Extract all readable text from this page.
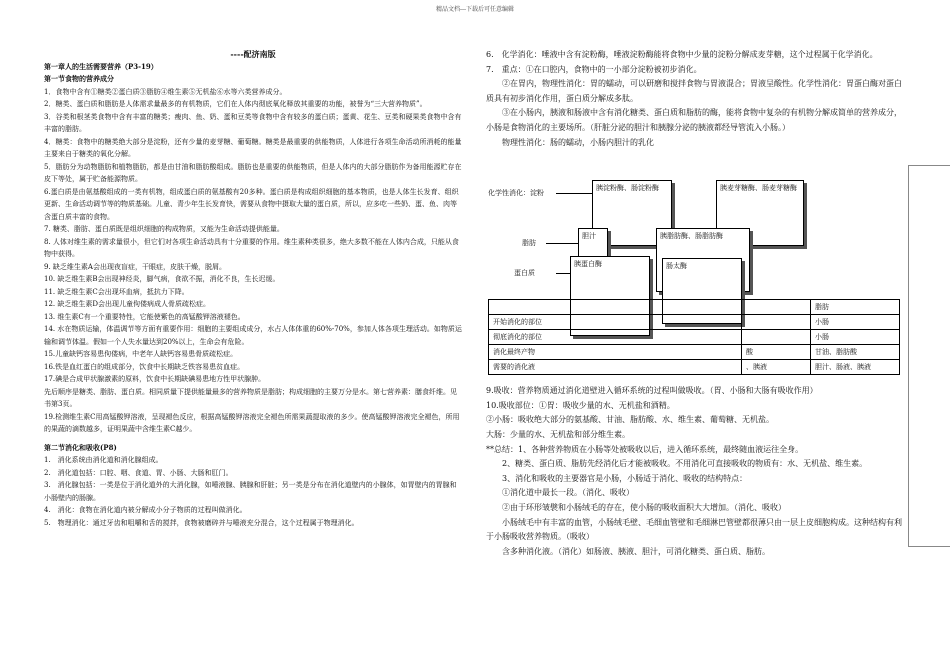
精品文档---下载后可任意编辑

----配济南版

第一章人的生活需要营养（P3-19）

第一节食物的营养成分

1．食物中含有①糖类②蛋白质③脂肪④维生素⑤无机盐⑥水等六类营养成分。

2．糖类、蛋白质和脂肪是人体需求量最多的有机物质，它们在人体内彻底氧化释放其重要的功能，被誉为“三大营养物质”。

3．谷类和根茎类食物中含有丰富的糖类；瘦肉、鱼、奶、蛋和豆类等食物中含有较多的蛋白质；蛋黄、花生、豆类和硬果类食物中含有丰富的脂肪。

4．糖类：食物中的糖类绝大部分是淀粉，还有少量的麦芽糖、葡萄糖。糖类是最重要的供能物质，人体进行各项生命活动所消耗的能量主要来自于糖类的氧化分解。

5．脂肪分为动物脂肪和植物脂肪，都是由甘油和脂肪酸组成。脂肪也是重要的供能物质，但是人体内的大部分脂肪作为备用能源贮存在皮下等处，属于贮备能源物质。

6.蛋白质是由氨基酸组成的一类有机物，组成蛋白质的氨基酸有20多种。蛋白质是构成组织细胞的基本物质，也是人体生长发育、组织更新、生命活动调节等的物质基础。儿童、青少年生长发育快，需要从食物中摄取大量的蛋白质，所以，应多吃一些奶、蛋、鱼、肉等含蛋白质丰富的食物。

7. 糖类、脂肪、蛋白质既是组织细胞的构成物质，又能为生命活动提供能量。

8. 人体对维生素的需求量很小，但它们对各项生命活动具有十分重要的作用。维生素种类很多，绝大多数不能在人体内合成，只能从食物中获得。

9. 缺乏维生素A会出现夜盲症，干眼症，皮肤干燥，脱屑。

10. 缺乏维生素B会出现神经炎，脚气病，食欲不振，消化不良，生长迟缓。

11. 缺乏维生素C会出现坏血病，抵抗力下降。

12. 缺乏维生素D会出现儿童佝偻病成人骨质疏松症。

13. 维生素C有一个重要特性，它能使紫色的高锰酸钾溶液褪色。

14. 水在物质运输，体温调节等方面有重要作用：细胞的主要组成成分，水占人体体重的60%-70%，参加人体各项生理活动。如物质运输和调节体温。假如一个人失水量达到20%以上，生命会有危险。

15.儿童缺钙容易患佝偻病，中老年人缺钙容易患骨质疏松症。

16.铁是血红蛋白的组成部分，饮食中长期缺乏铁容易患贫血症。

17.碘是合成甲状腺激素的原料，饮食中长期缺碘易患地方性甲状腺肿。

先后顺序是糖类、脂肪、蛋白质。相同质量下提供能量最多的营养物质是脂肪；构成细胞的主要万分是水。第七营养素：膳食纤维。见书第3页。

19.检测维生素C用高锰酸钾溶液，呈现褪色反应，根据高锰酸钾溶液完全褪色所需果蔬提取液的多少。使高锰酸钾溶液完全褪色，所用的果蔬的滴数越多，证明果蔬中含维生素C越少。

第二节消化和吸收(P8)

1.　消化系统由消化道和消化腺组成。

2.　消化道包括：口腔、咽、食道、胃、小肠、大肠和肛门。

3.　消化腺包括：一类是位于消化道外的大消化腺，如唾液腺、胰腺和肝脏；另一类是分布在消化道壁内的小腺体，如胃壁内的胃腺和小肠壁内的肠腺。

4.　消化：食物在消化道内被分解成小分子物质的过程叫做消化。

5.　物理消化：通过牙齿和咀嚼和舌的搅拌，食物被磨碎并与唾液充分混合，这个过程属于物理消化。

6.　化学消化：唾液中含有淀粉酶，唾液淀粉酶能将食物中少量的淀粉分解成麦芽糖，这个过程属于化学消化。

7.　重点：①在口腔内，食物中的一小部分淀粉被初步消化。

　　②在胃内，物理性消化：胃的蠕动，可以研磨和搅拌食物与胃液混合；胃液呈酸性。化学性消化：胃蛋白酶对蛋白质具有初步消化作用，蛋白质分解成多肽。

　　③在小肠内，胰液和肠液中含有消化糖类、蛋白质和脂肪的酶，能将食物中复杂的有机物分解成简单的营养成分，小肠是食物消化的主要场所。（肝脏分泌的胆汁和胰腺分泌的胰液都经导管流入小肠。）

　　物理性消化：肠的蠕动，小肠内胆汁的乳化

化学性消化：淀粉
脂肪
蛋白质
胰淀粉酶、肠淀粉酶	胰麦芽糖酶、肠麦芽糖酶
胆汁	胰脂肪酶、肠脂肪酶
胰蛋白酶	肠太酶
		脂肪
开始消化的部位		小肠
彻底消化的部位		小肠
消化最终产物	酸	甘油、脂肪酸
需要的消化液	、胰液	胆汁、肠液、胰液

9.吸收：营养物质通过消化道壁进入循环系统的过程叫做吸收。（胃、小肠和大肠有吸收作用）

10.吸收部位：①胃：吸收少量的水、无机盐和酒精。

②小肠：吸收绝大部分的氨基酸、甘油、脂肪酸、水、维生素、葡萄糖、无机盐。

大肠：少量的水、无机盐和部分维生素。

**总结：1、各种营养物质在小肠等处被吸收以后，进入循环系统，最终随血液运往全身。

　　2、糖类、蛋白质、脂肪先经消化后才能被吸收。不用消化可直接吸收的物质有：水、无机盐、维生素。

　　3、消化和吸收的主要器官是小肠，小肠适于消化、吸收的结构特点：

　　①消化道中最长一段。（消化、吸收）

　　②由于环形皱襞和小肠绒毛的存在，使小肠的吸收面积大大增加。（消化、吸收）

　　小肠绒毛中有丰富的血管，小肠绒毛壁、毛细血管壁和毛细淋巴管壁都很薄只由一层上皮细胞构成。这种结构有利于小肠吸收营养物质。（吸收）

　　含多种消化液。（消化）如肠液、胰液、胆汁，可消化糖类、蛋白质、脂肪。
